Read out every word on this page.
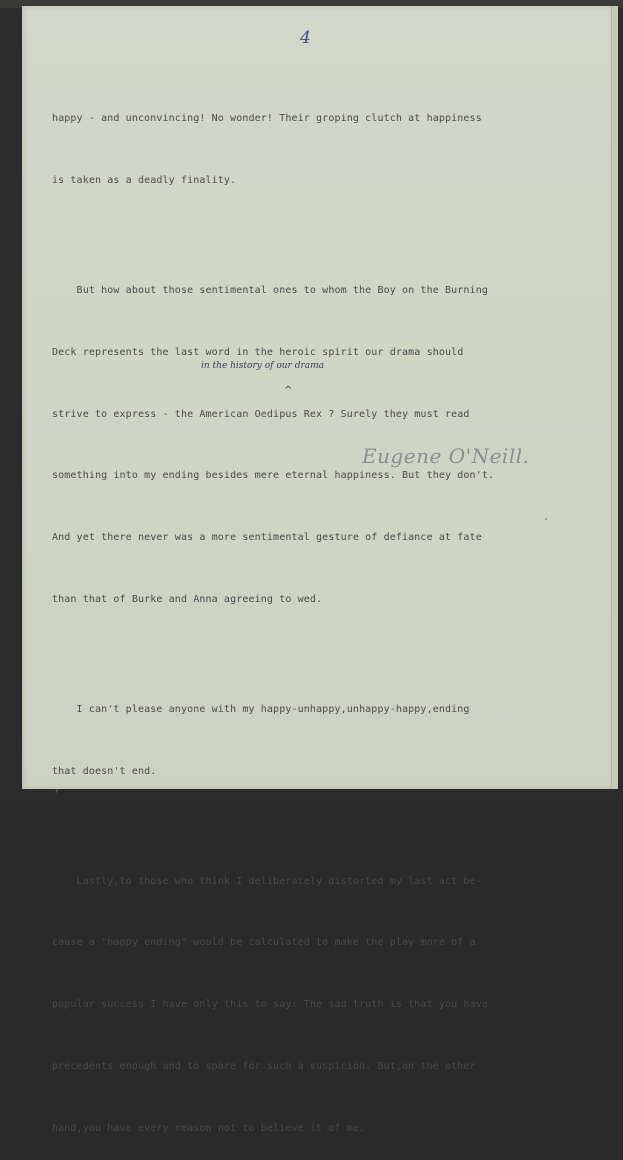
4

happy - and unconvincing! No wonder! Their groping clutch at happiness

is taken as a deadly finality.

But how about those sentimental ones to whom the Boy on the Burning

Deck represents the last word in the heroic spirit our drama should

strive to express - the American Oedipus Rex ? Surely they must read

something into my ending besides mere eternal happiness. But they don't.

And yet there never was a more sentimental gesture of defiance at fate

than that of Burke and Anna agreeing to wed.

I can't please anyone with my happy-unhappy,unhappy-happy,ending

that doesn't end.

Lastly,to those who think I deliberately distorted my last act be-

cause a "happy ending" would be calculated to make the play more of a

popular success I have only this to say: The sad truth is that you have

precedents enough and to spare for such a suspicion. But,on the other

hand,you have every reason not to believe it of me.

in the history of our drama
^
Eugene O'Neill.
ˀ
